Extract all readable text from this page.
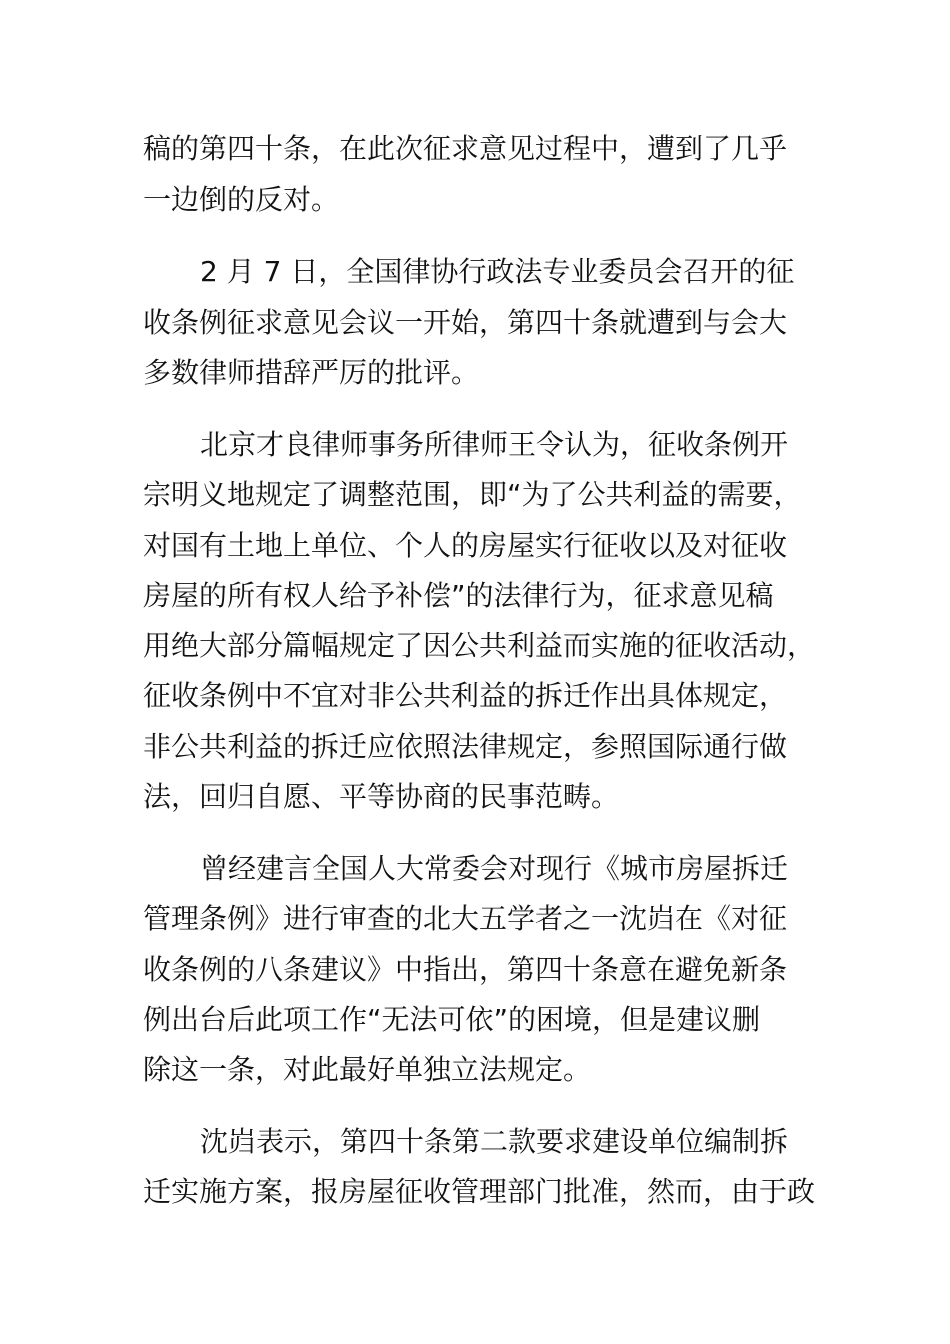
稿的第四十条，在此次征求意见过程中，遭到了几乎
一边倒的反对。
2 月 7 日，全国律协行政法专业委员会召开的征
收条例征求意见会议一开始，第四十条就遭到与会大
多数律师措辞严厉的批评。
北京才良律师事务所律师王令认为，征收条例开
宗明义地规定了调整范围，即“为了公共利益的需要，
对国有土地上单位、个人的房屋实行征收以及对征收
房屋的所有权人给予补偿”的法律行为，征求意见稿
用绝大部分篇幅规定了因公共利益而实施的征收活动，
征收条例中不宜对非公共利益的拆迁作出具体规定，
非公共利益的拆迁应依照法律规定，参照国际通行做
法，回归自愿、平等协商的民事范畴。
曾经建言全国人大常委会对现行《城市房屋拆迁
管理条例》进行审查的北大五学者之一沈岿在《对征
收条例的八条建议》中指出，第四十条意在避免新条
例出台后此项工作“无法可依”的困境，但是建议删
除这一条，对此最好单独立法规定。
沈岿表示，第四十条第二款要求建设单位编制拆
迁实施方案，报房屋征收管理部门批准，然而，由于政
